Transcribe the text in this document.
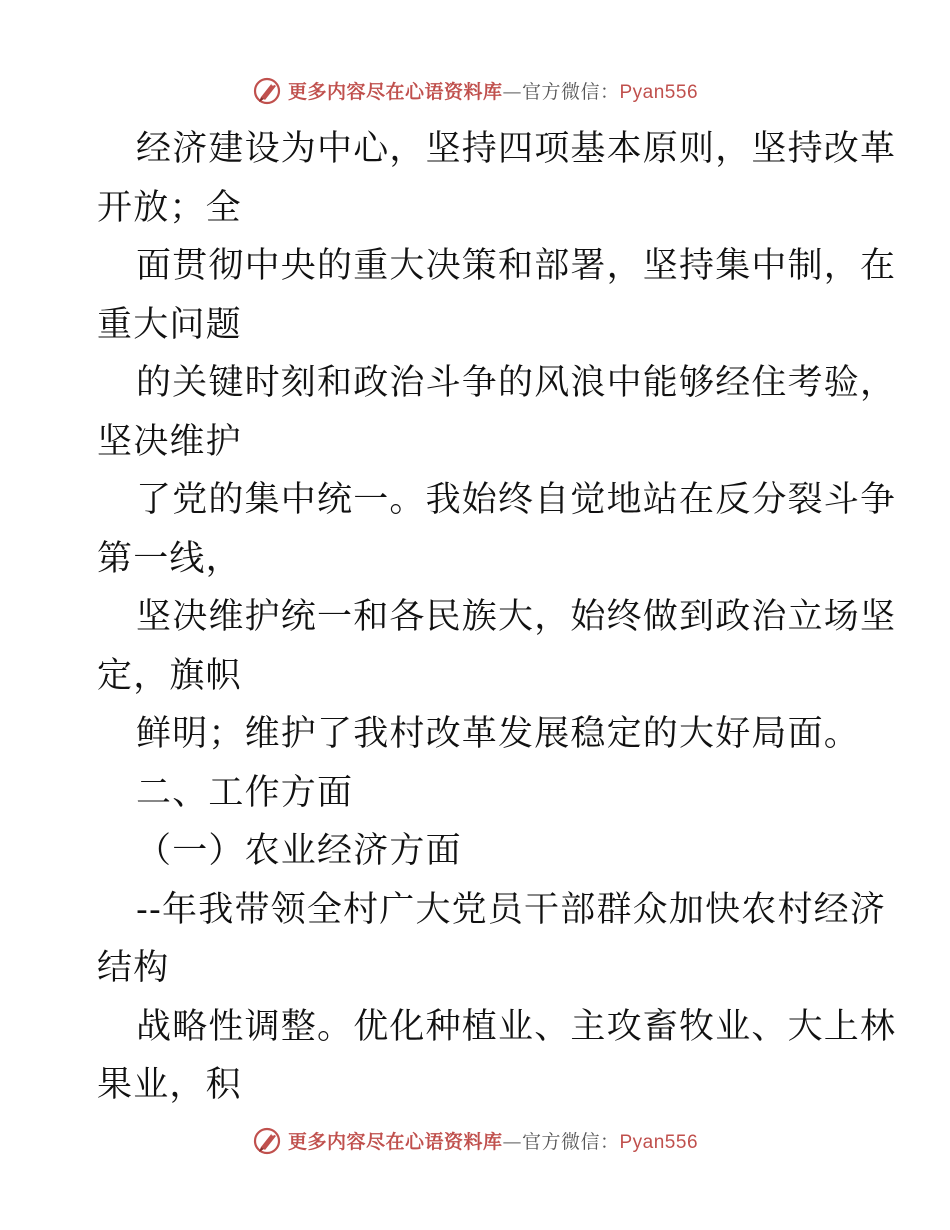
更多内容尽在心语资料库—官方微信：Pyan556
经济建设为中心，坚持四项基本原则，坚持改革
开放；全
面贯彻中央的重大决策和部署，坚持集中制，在
重大问题
的关键时刻和政治斗争的风浪中能够经住考验，
坚决维护
了党的集中统一。我始终自觉地站在反分裂斗争
第一线，
坚决维护统一和各民族大，始终做到政治立场坚
定，旗帜
鲜明；维护了我村改革发展稳定的大好局面。
二、工作方面
（一）农业经济方面
--年我带领全村广大党员干部群众加快农村经济
结构
战略性调整。优化种植业、主攻畜牧业、大上林
果业，积
更多内容尽在心语资料库—官方微信：Pyan556
